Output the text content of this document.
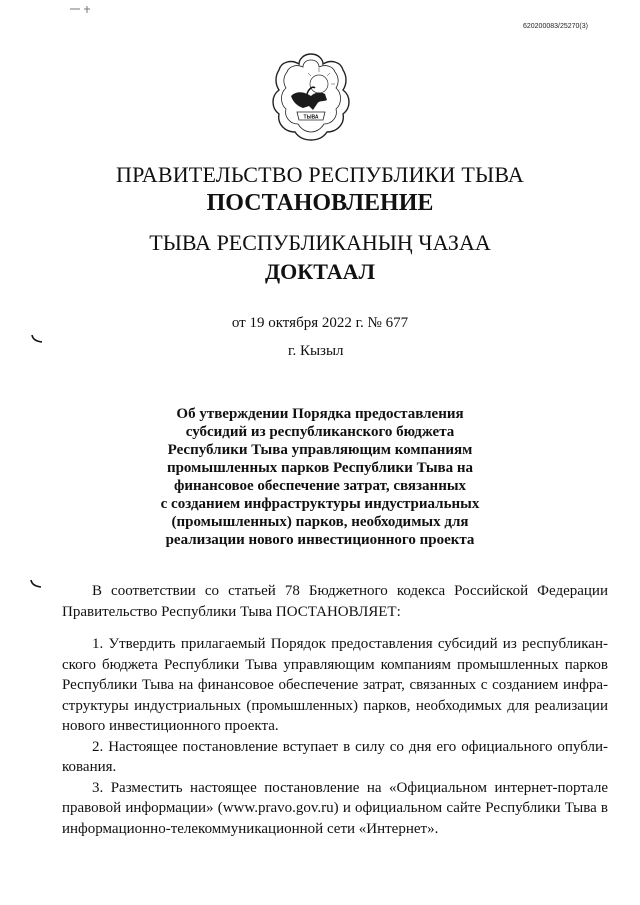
620200083/25270(3)
ТЫВА
ПРАВИТЕЛЬСТВО РЕСПУБЛИКИ ТЫВА
ПОСТАНОВЛЕНИЕ
ТЫВА РЕСПУБЛИКАНЫҢ ЧАЗАА
ДОКТААЛ
от 19 октября 2022 г. № 677
г. Кызыл
Об утверждении Порядка предоставления
субсидий из республиканского бюджета
Республики Тыва управляющим компаниям
промышленных парков Республики Тыва на
финансовое обеспечение затрат, связанных
с созданием инфраструктуры индустриальных
(промышленных) парков, необходимых для
реализации нового инвестиционного проекта
В соответствии со статьей 78 Бюджетного кодекса Российской Федерации Правительство Республики Тыва ПОСТАНОВЛЯЕТ:

1. Утвердить прилагаемый Порядок предоставления субсидий из республиканского бюджета Республики Тыва управляющим компаниям промышленных парков Республики Тыва на финансовое обеспечение затрат, связанных с созданием инфраструктуры индустриальных (промышленных) парков, необходимых для реализации нового инвестиционного проекта.

2. Настоящее постановление вступает в силу со дня его официального опубликования.

3. Разместить настоящее постановление на «Официальном интернет-портале правовой информации» (www.pravo.gov.ru) и официальном сайте Республики Тыва в информационно-телекоммуникационной сети «Интернет».
